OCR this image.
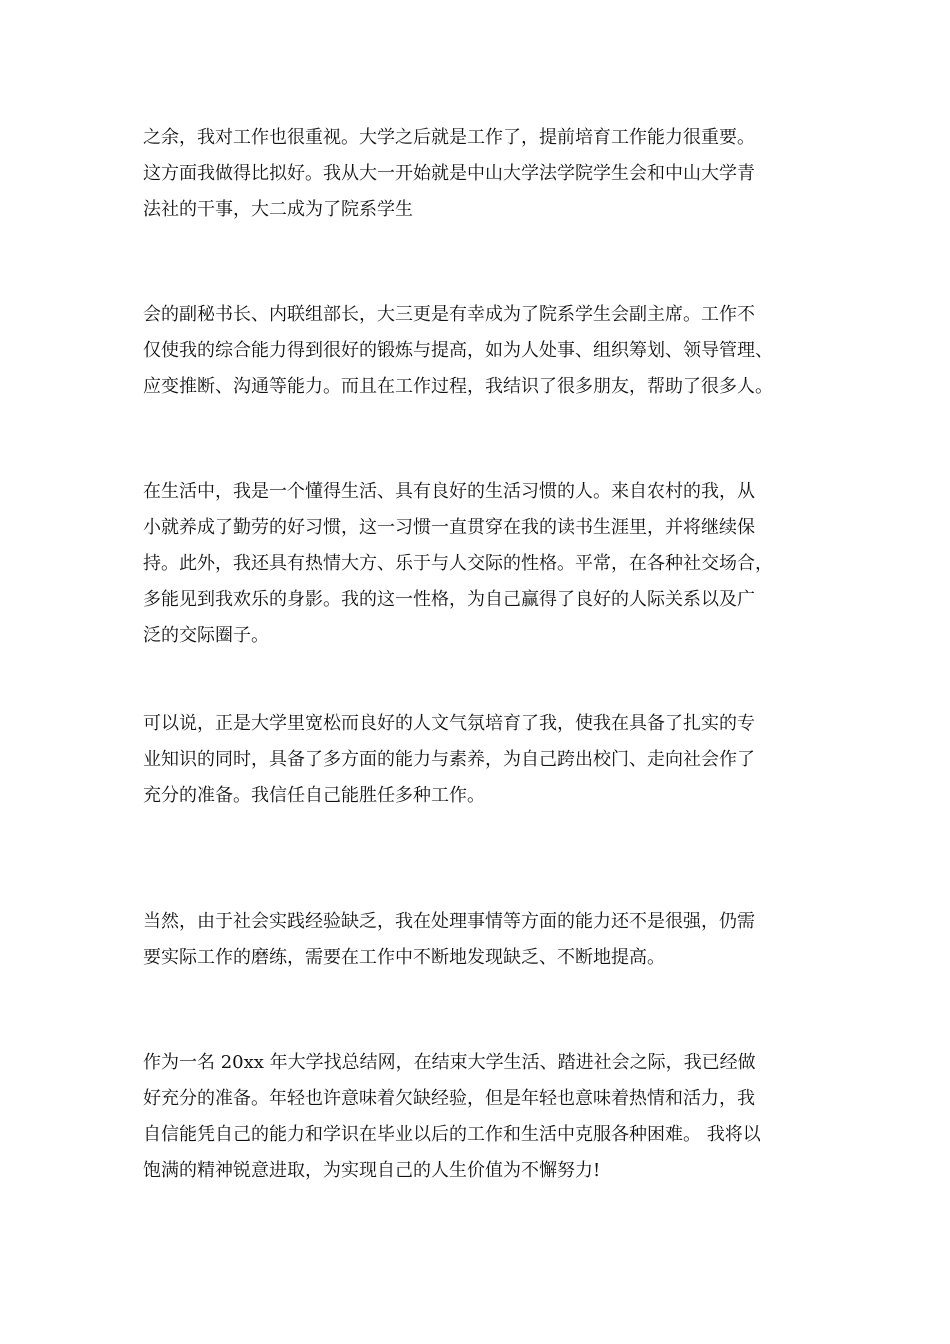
之余，我对工作也很重视。大学之后就是工作了，提前培育工作能力很重要。
这方面我做得比拟好。我从大一开始就是中山大学法学院学生会和中山大学青
法社的干事，大二成为了院系学生
会的副秘书长、内联组部长，大三更是有幸成为了院系学生会副主席。工作不
仅使我的综合能力得到很好的锻炼与提高，如为人处事、组织筹划、领导管理、
应变推断、沟通等能力。而且在工作过程，我结识了很多朋友，帮助了很多人。
在生活中，我是一个懂得生活、具有良好的生活习惯的人。来自农村的我，从
小就养成了勤劳的好习惯，这一习惯一直贯穿在我的读书生涯里，并将继续保
持。此外，我还具有热情大方、乐于与人交际的性格。平常，在各种社交场合，
多能见到我欢乐的身影。我的这一性格，为自己赢得了良好的人际关系以及广
泛的交际圈子。
可以说，正是大学里宽松而良好的人文气氛培育了我，使我在具备了扎实的专
业知识的同时，具备了多方面的能力与素养，为自己跨出校门、走向社会作了
充分的准备。我信任自己能胜任多种工作。
当然，由于社会实践经验缺乏，我在处理事情等方面的能力还不是很强，仍需
要实际工作的磨练，需要在工作中不断地发现缺乏、不断地提高。
作为一名 20xx 年大学找总结网，在结束大学生活、踏进社会之际，我已经做
好充分的准备。年轻也许意味着欠缺经验，但是年轻也意味着热情和活力，我
自信能凭自己的能力和学识在毕业以后的工作和生活中克服各种困难。 我将以
饱满的精神锐意进取，为实现自己的人生价值为不懈努力!
